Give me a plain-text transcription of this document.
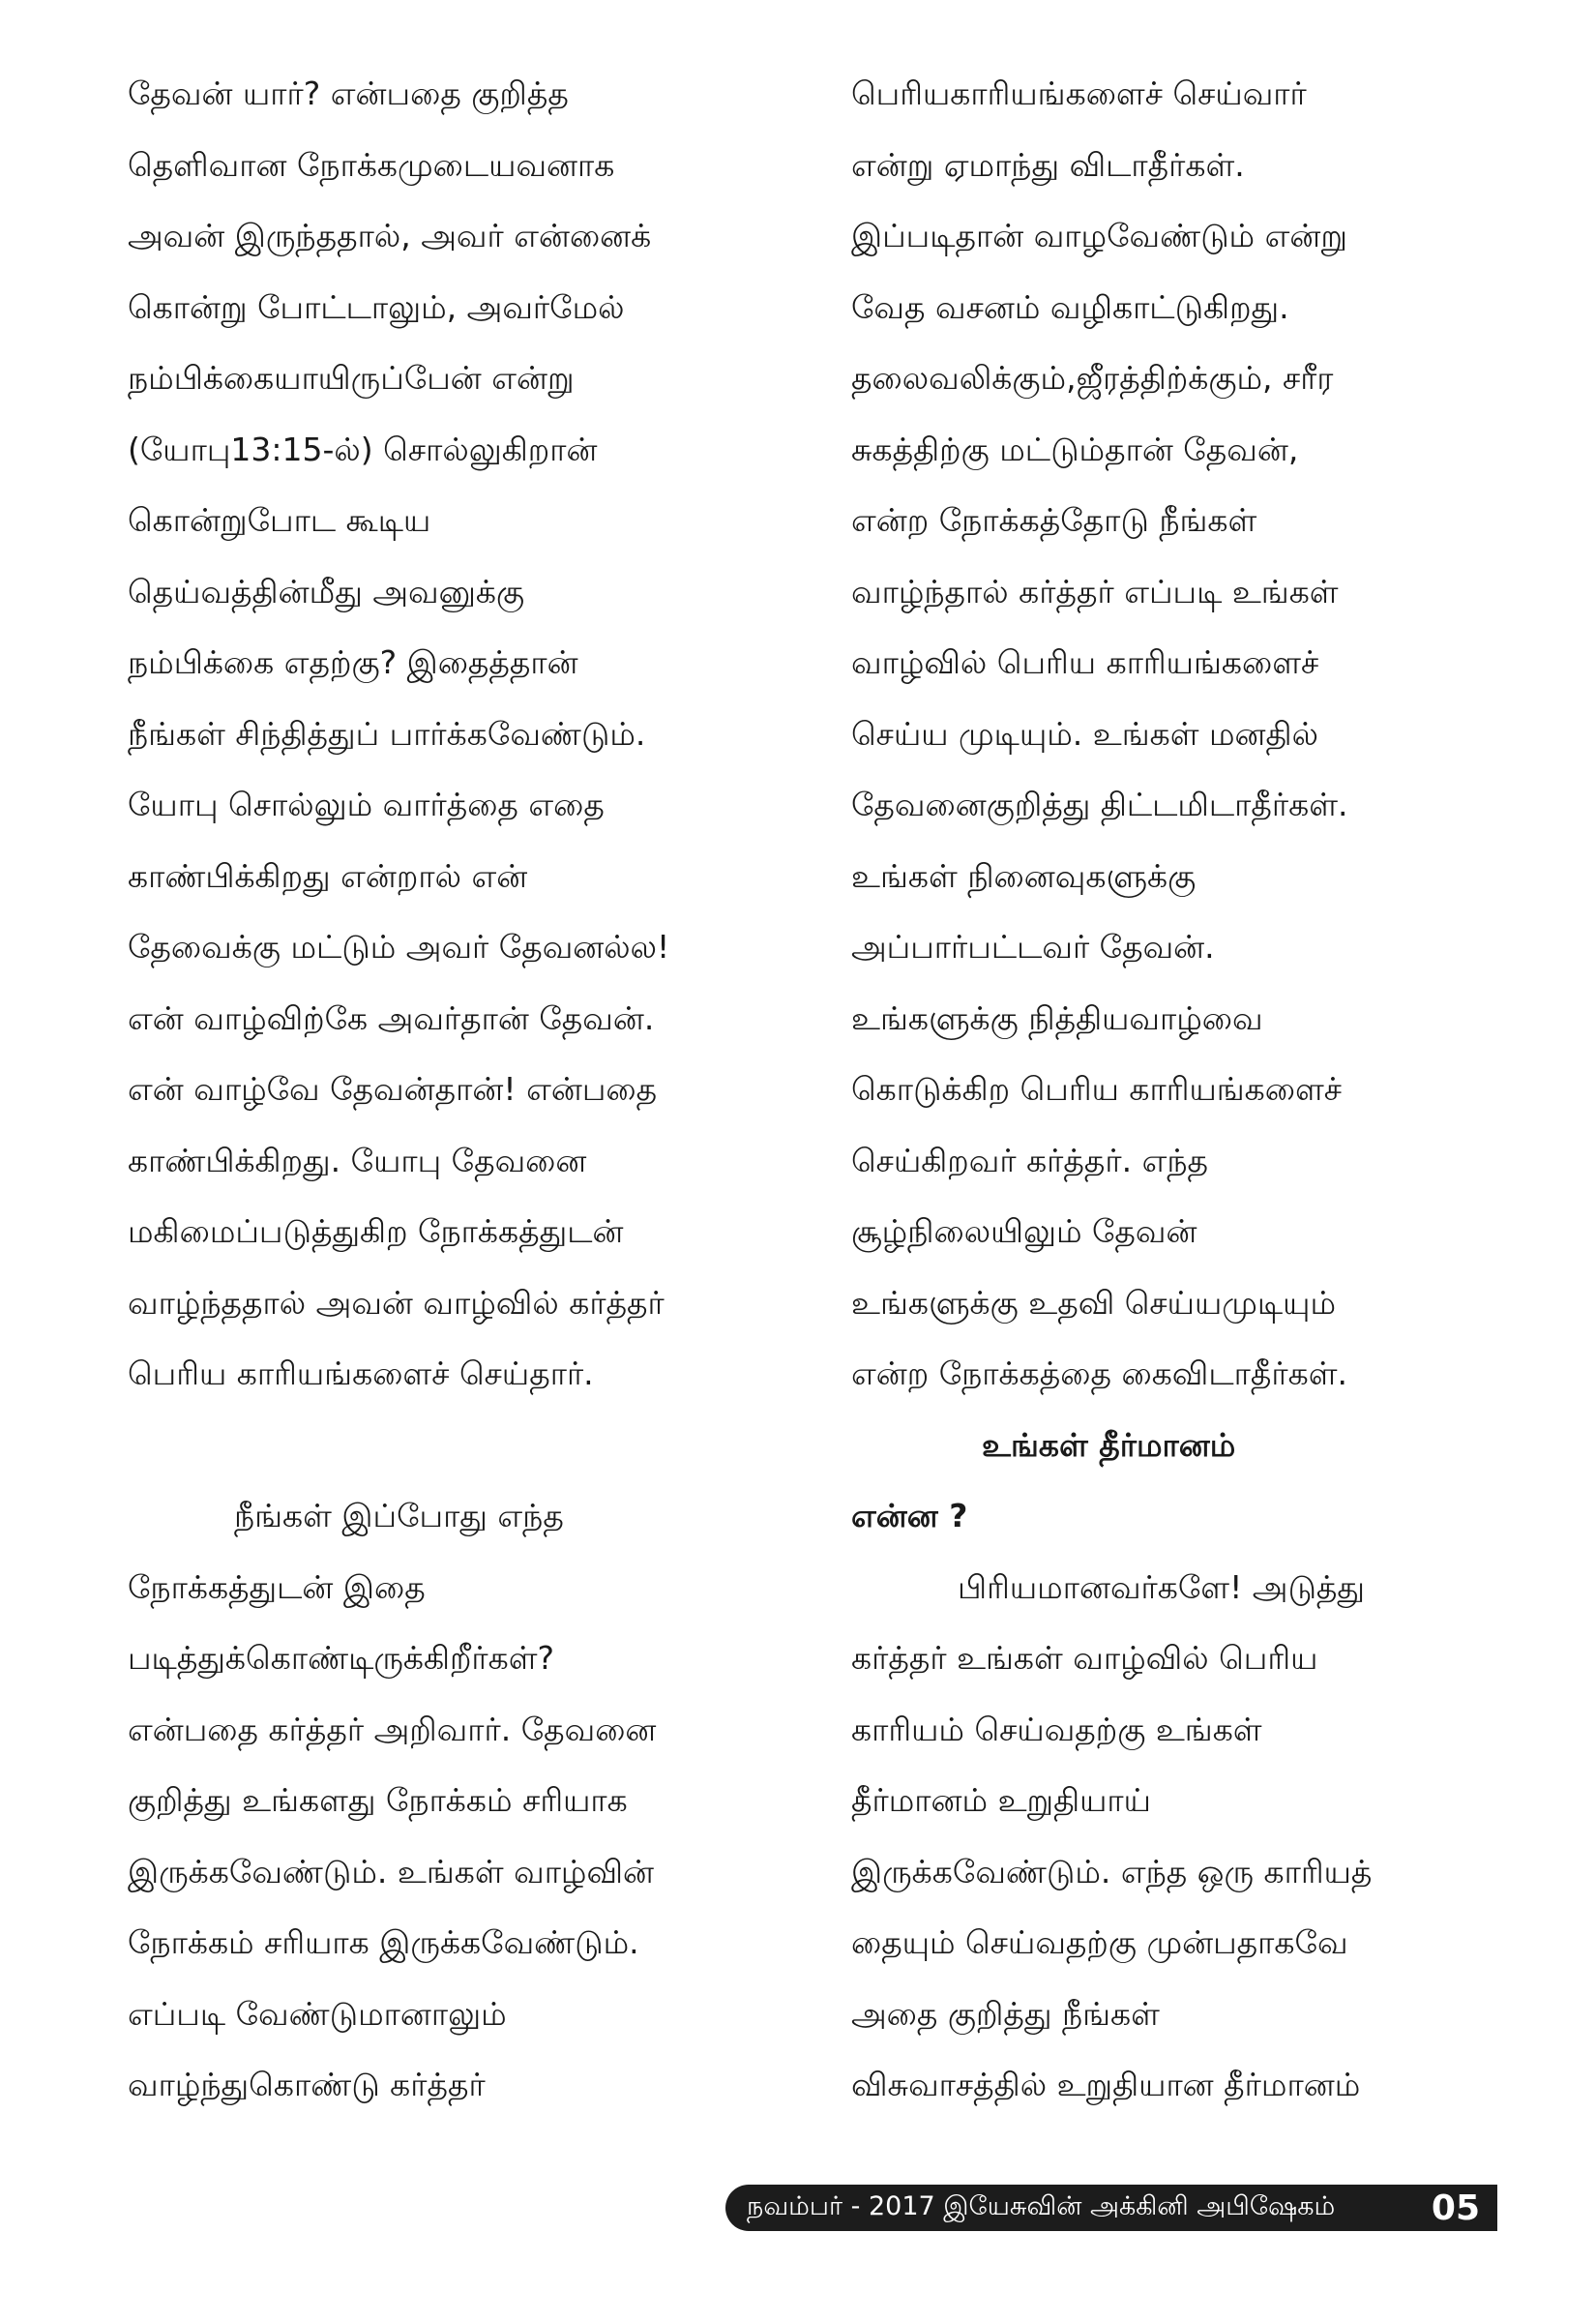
தேவன் யார்? என்பதை குறித்த
தெளிவான நோக்கமுடையவனாக
அவன் இருந்ததால், அவர் என்னைக்
கொன்று போட்டாலும், அவர்மேல்
நம்பிக்கையாயிருப்பேன் என்று
(யோபு13:15-ல்) சொல்லுகிறான்
கொன்றுபோட கூடிய
தெய்வத்தின்மீது அவனுக்கு
நம்பிக்கை எதற்கு? இதைத்தான்
நீங்கள் சிந்தித்துப் பார்க்கவேண்டும்.
யோபு சொல்லும் வார்த்தை எதை
காண்பிக்கிறது என்றால் என்
தேவைக்கு மட்டும் அவர் தேவனல்ல!
என் வாழ்விற்கே அவர்தான் தேவன்.
என் வாழ்வே தேவன்தான்! என்பதை
காண்பிக்கிறது. யோபு தேவனை
மகிமைப்படுத்துகிற நோக்கத்துடன்
வாழ்ந்ததால் அவன் வாழ்வில் கர்த்தர்
பெரிய காரியங்களைச் செய்தார்.
நீங்கள் இப்போது எந்த
நோக்கத்துடன் இதை
படித்துக்கொண்டிருக்கிறீர்கள்?
என்பதை கர்த்தர் அறிவார். தேவனை
குறித்து உங்களது நோக்கம் சரியாக
இருக்கவேண்டும். உங்கள் வாழ்வின்
நோக்கம் சரியாக இருக்கவேண்டும்.
எப்படி வேண்டுமானாலும்
வாழ்ந்துகொண்டு கர்த்தர்
பெரியகாரியங்களைச் செய்வார்
என்று ஏமாந்து விடாதீர்கள்.
இப்படிதான் வாழவேண்டும் என்று
வேத வசனம் வழிகாட்டுகிறது.
தலைவலிக்கும்,ஜீரத்திற்க்கும், சரீர
சுகத்திற்கு மட்டும்தான் தேவன்,
என்ற நோக்கத்தோடு நீங்கள்
வாழ்ந்தால் கர்த்தர் எப்படி உங்கள்
வாழ்வில் பெரிய காரியங்களைச்
செய்ய முடியும். உங்கள் மனதில்
தேவனைகுறித்து திட்டமிடாதீர்கள்.
உங்கள் நினைவுகளுக்கு
அப்பார்பட்டவர் தேவன்.
உங்களுக்கு நித்தியவாழ்வை
கொடுக்கிற பெரிய காரியங்களைச்
செய்கிறவர் கர்த்தர். எந்த
சூழ்நிலையிலும் தேவன்
உங்களுக்கு உதவி செய்யமுடியும்
என்ற நோக்கத்தை கைவிடாதீர்கள்.
உங்கள் தீர்மானம்
என்ன ?
பிரியமானவர்களே! அடுத்து
கர்த்தர் உங்கள் வாழ்வில் பெரிய
காரியம் செய்வதற்கு உங்கள்
தீர்மானம் உறுதியாய்
இருக்கவேண்டும். எந்த ஒரு காரியத்
தையும் செய்வதற்கு முன்பதாகவே
அதை குறித்து நீங்கள்
விசுவாசத்தில் உறுதியான தீர்மானம்
நவம்பர் - 2017 இயேசுவின் அக்கினி அபிஷேகம்	05
